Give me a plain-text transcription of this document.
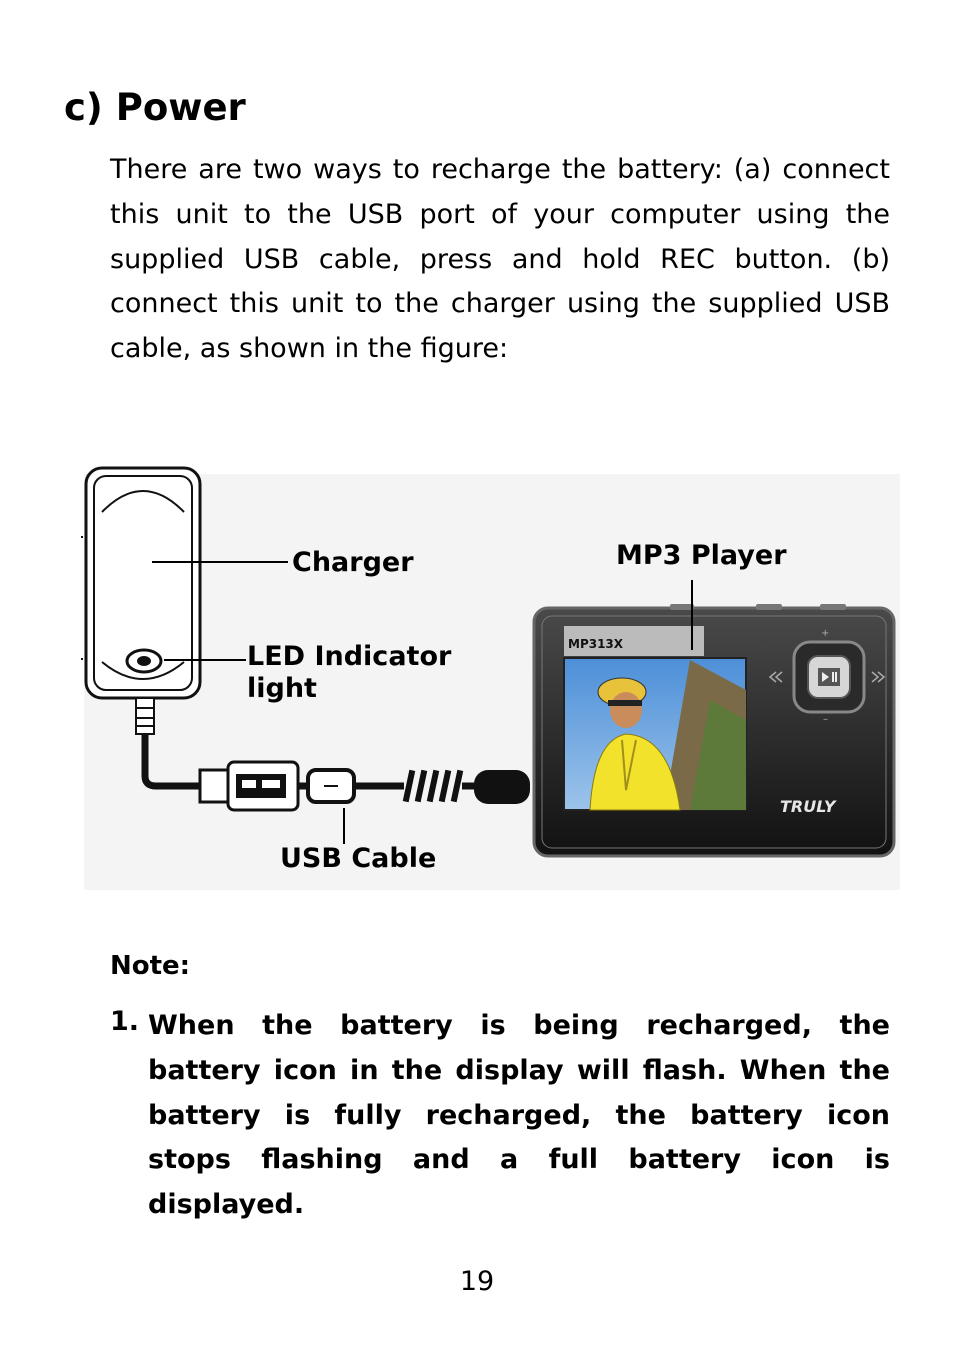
c) Power

There are two ways to recharge the battery: (a) connect this unit to the USB port of your computer using the supplied USB cable, press and hold REC button. (b) connect this unit to the charger using the supplied USB cable, as shown in the figure:

MP313X
TRULY
+
–
Charger	MP3 Player
LED Indicator
light
USB Cable
Note:
1. When the battery is being recharged, the battery icon in the display will flash. When the battery is fully recharged, the battery icon stops flashing and a full battery icon is displayed.

19
